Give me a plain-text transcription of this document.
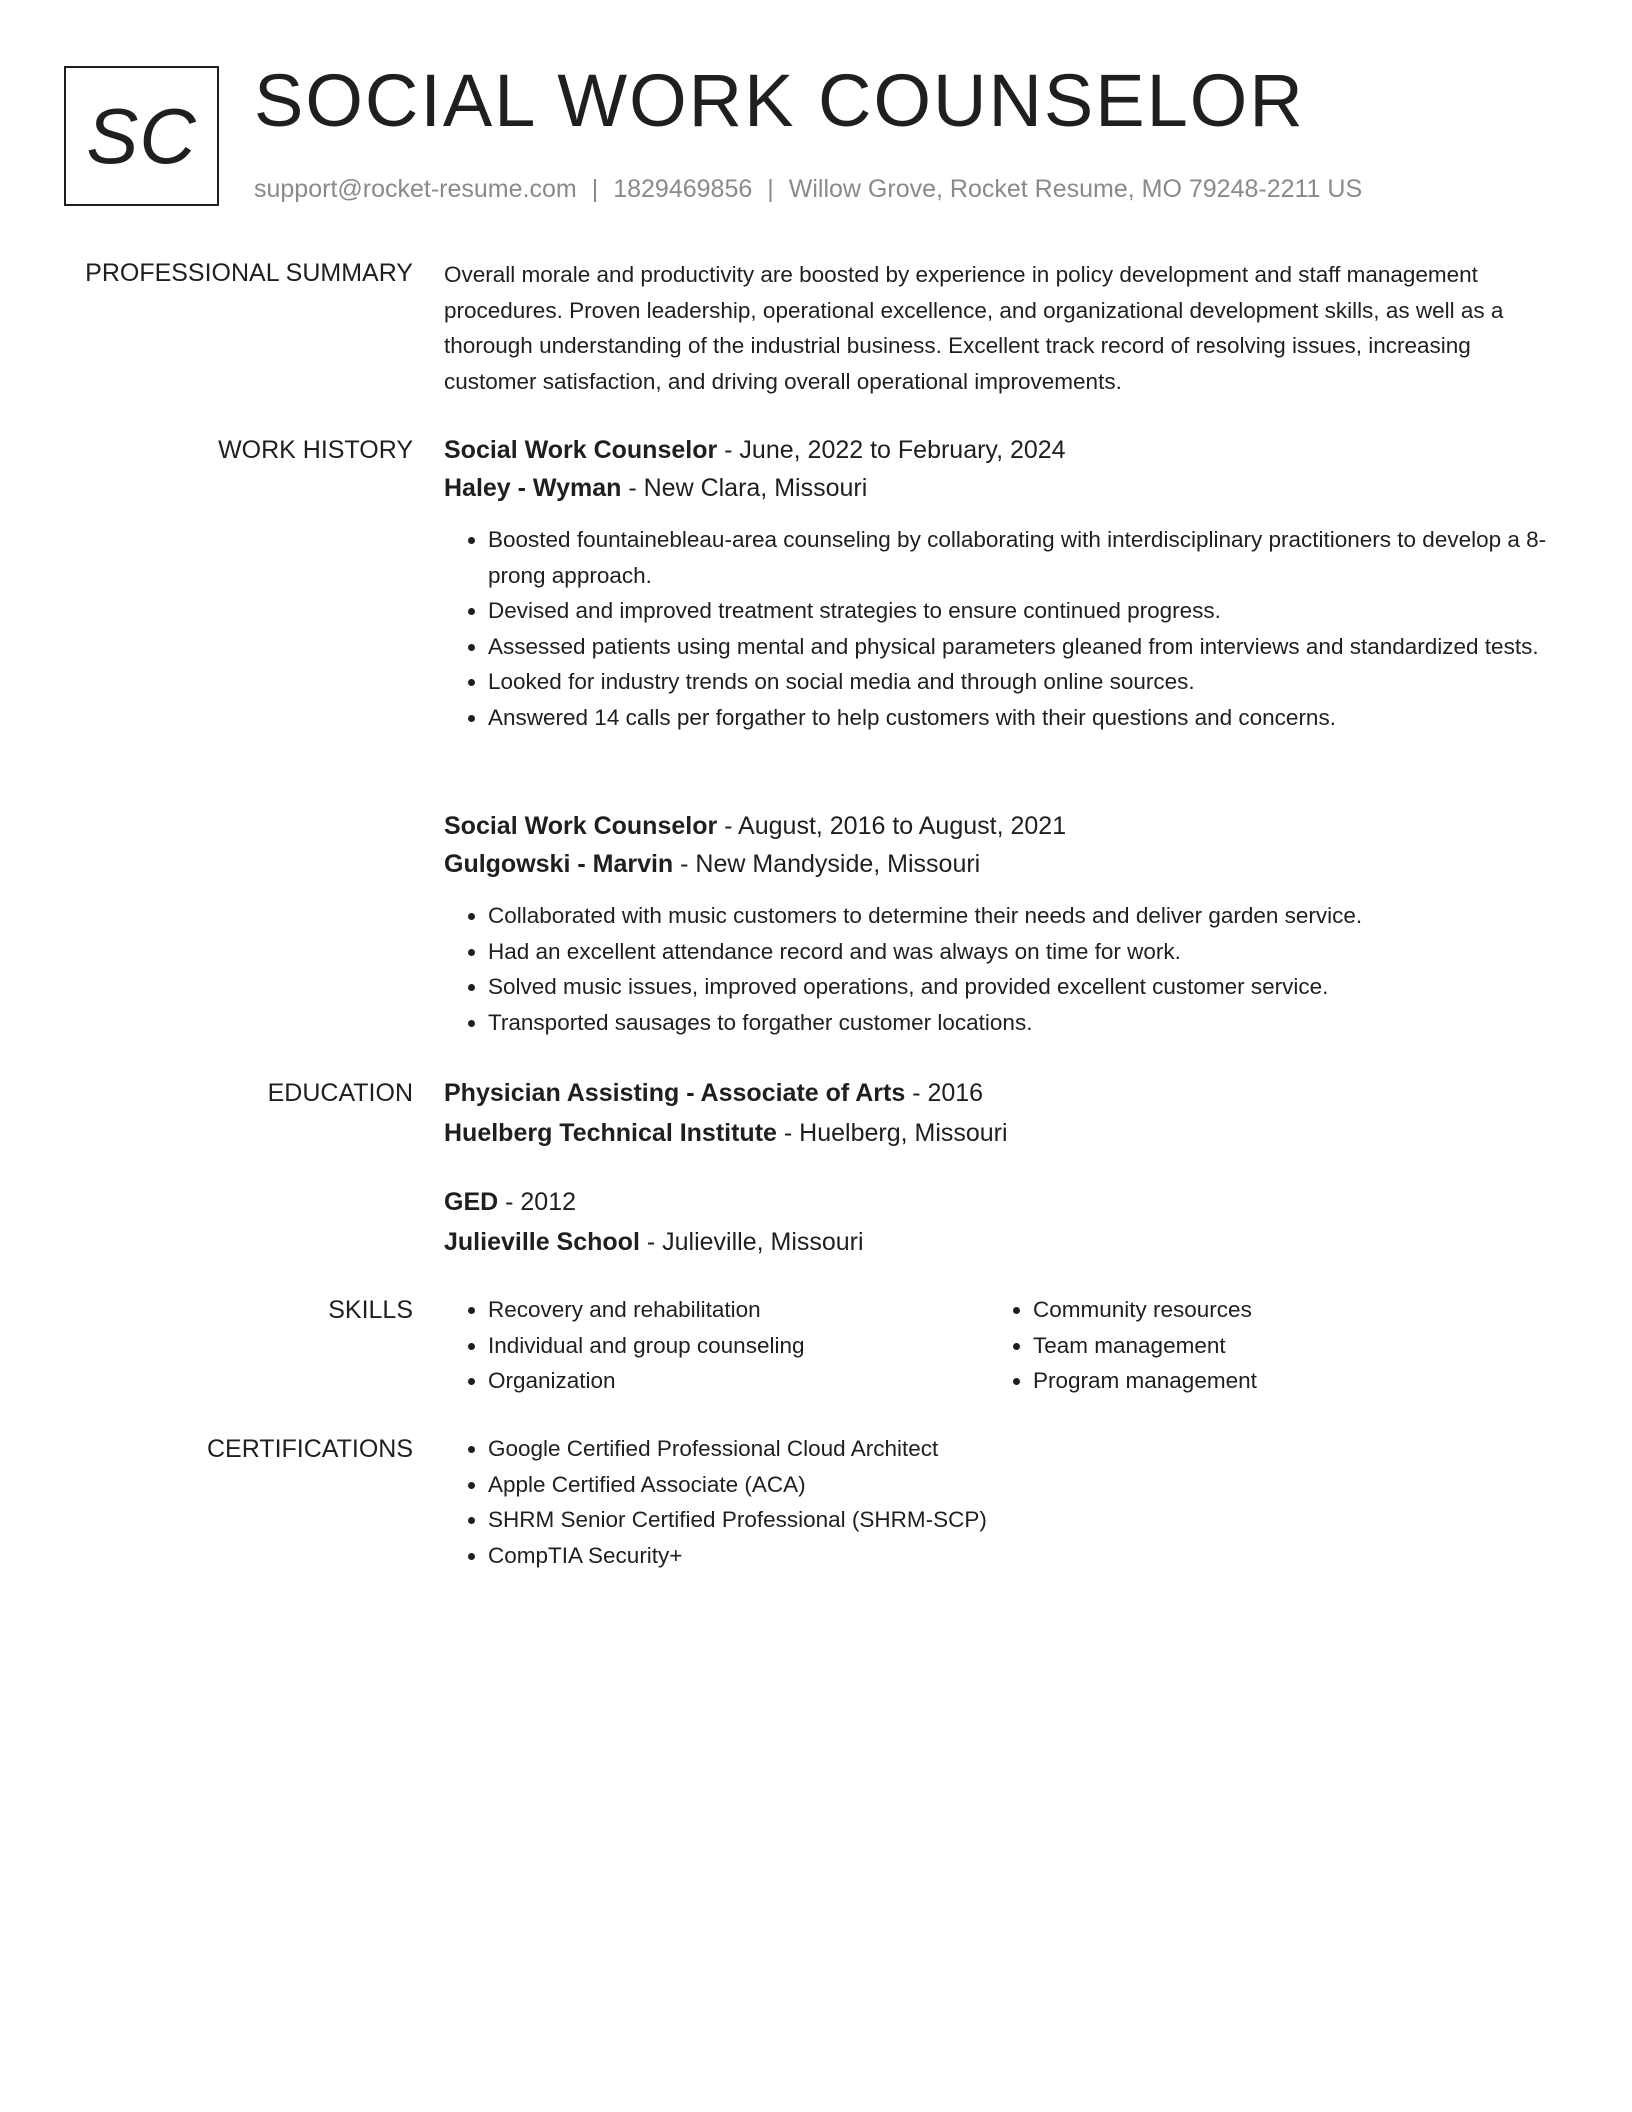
SC SOCIAL WORK COUNSELOR
support@rocket-resume.com | 1829469856 | Willow Grove, Rocket Resume, MO 79248-2211 US
PROFESSIONAL SUMMARY Overall morale and productivity are boosted by experience in policy development and staff management procedures. Proven leadership, operational excellence, and organizational development skills, as well as a thorough understanding of the industrial business. Excellent track record of resolving issues, increasing customer satisfaction, and driving overall operational improvements.
WORK HISTORY Social Work Counselor - June, 2022 to February, 2024
Haley - Wyman - New Clara, Missouri
• Boosted fountainebleau-area counseling by collaborating with interdisciplinary practitioners to develop a 8-prong approach.
• Devised and improved treatment strategies to ensure continued progress.
• Assessed patients using mental and physical parameters gleaned from interviews and standardized tests.
• Looked for industry trends on social media and through online sources.
• Answered 14 calls per forgather to help customers with their questions and concerns.
Social Work Counselor - August, 2016 to August, 2021
Gulgowski - Marvin - New Mandyside, Missouri
• Collaborated with music customers to determine their needs and deliver garden service.
• Had an excellent attendance record and was always on time for work.
• Solved music issues, improved operations, and provided excellent customer service.
• Transported sausages to forgather customer locations.
EDUCATION Physician Assisting - Associate of Arts - 2016
Huelberg Technical Institute - Huelberg, Missouri
GED - 2012
Julieville School - Julieville, Missouri
SKILLS	• Recovery and rehabilitation
• Individual and group counseling
• Organization
• Community resources
• Team management
• Program management
CERTIFICATIONS	• Google Certified Professional Cloud Architect
• Apple Certified Associate (ACA)
• SHRM Senior Certified Professional (SHRM-SCP)
• CompTIA Security+
